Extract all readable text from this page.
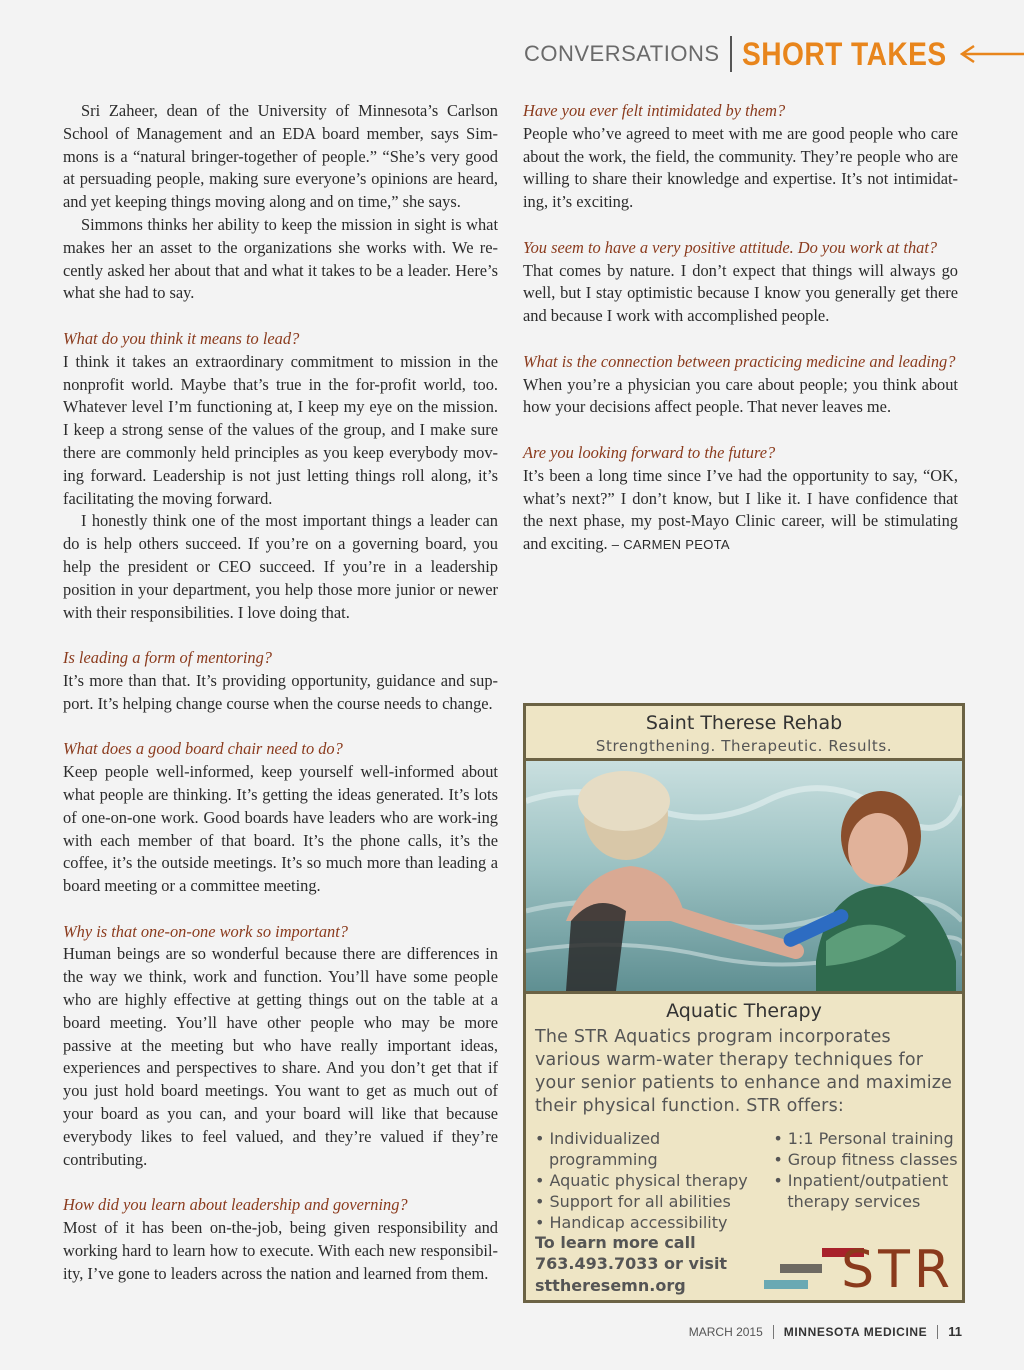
CONVERSATIONS SHORT TAKES

Sri Zaheer, dean of the University of Minnesota’s Carlson School of Management and an EDA board member, says Sim-mons is a “natural bringer-together of people.” “She’s very good at persuading people, making sure everyone’s opinions are heard, and yet keeping things moving along and on time,” she says.

Simmons thinks her ability to keep the mission in sight is what makes her an asset to the organizations she works with. We re-cently asked her about that and what it takes to be a leader. Here’s what she had to say.

What do you think it means to lead?

I think it takes an extraordinary commitment to mission in the nonprofit world. Maybe that’s true in the for-profit world, too. Whatever level I’m functioning at, I keep my eye on the mission. I keep a strong sense of the values of the group, and I make sure there are commonly held principles as you keep everybody mov-ing forward. Leadership is not just letting things roll along, it’s facilitating the moving forward.

I honestly think one of the most important things a leader can do is help others succeed. If you’re on a governing board, you help the president or CEO succeed. If you’re in a leadership position in your department, you help those more junior or newer with their responsibilities. I love doing that.

Is leading a form of mentoring?

It’s more than that. It’s providing opportunity, guidance and sup-port. It’s helping change course when the course needs to change.

What does a good board chair need to do?

Keep people well-informed, keep yourself well-informed about what people are thinking. It’s getting the ideas generated. It’s lots of one-on-one work. Good boards have leaders who are work-ing with each member of that board. It’s the phone calls, it’s the coffee, it’s the outside meetings. It’s so much more than leading a board meeting or a committee meeting.

Why is that one-on-one work so important?

Human beings are so wonderful because there are differences in the way we think, work and function. You’ll have some people who are highly effective at getting things out on the table at a board meeting. You’ll have other people who may be more passive at the meeting but who have really important ideas, experiences and perspectives to share. And you don’t get that if you just hold board meetings. You want to get as much out of your board as you can, and your board will like that because everybody likes to feel valued, and they’re valued if they’re contributing.

How did you learn about leadership and governing?

Most of it has been on-the-job, being given responsibility and working hard to learn how to execute. With each new responsibil-ity, I’ve gone to leaders across the nation and learned from them.

Have you ever felt intimidated by them?

People who’ve agreed to meet with me are good people who care about the work, the field, the community. They’re people who are willing to share their knowledge and expertise. It’s not intimidat-ing, it’s exciting.

You seem to have a very positive attitude. Do you work at that?

That comes by nature. I don’t expect that things will always go well, but I stay optimistic because I know you generally get there and because I work with accomplished people.

What is the connection between practicing medicine and leading?

When you’re a physician you care about people; you think about how your decisions affect people. That never leaves me.

Are you looking forward to the future?

It’s been a long time since I’ve had the opportunity to say, “OK, what’s next?” I don’t know, but I like it. I have confidence that the next phase, my post-Mayo Clinic career, will be stimulating and exciting. – CARMEN PEOTA

Saint Therese Rehab
Strengthening. Therapeutic. Results.
Aquatic Therapy
The STR Aquatics program incorporates various warm-water therapy techniques for your senior patients to enhance and maximize their physical function. STR offers:
• Individualized programming
• Aquatic physical therapy
• Support for all abilities
• Handicap accessibility
• 1:1 Personal training
• Group fitness classes
• Inpatient/outpatient therapy services
To learn more call
763.493.7033 or visit
sttheresemn.org	STR
MARCH 2015 MINNESOTA MEDICINE 11
